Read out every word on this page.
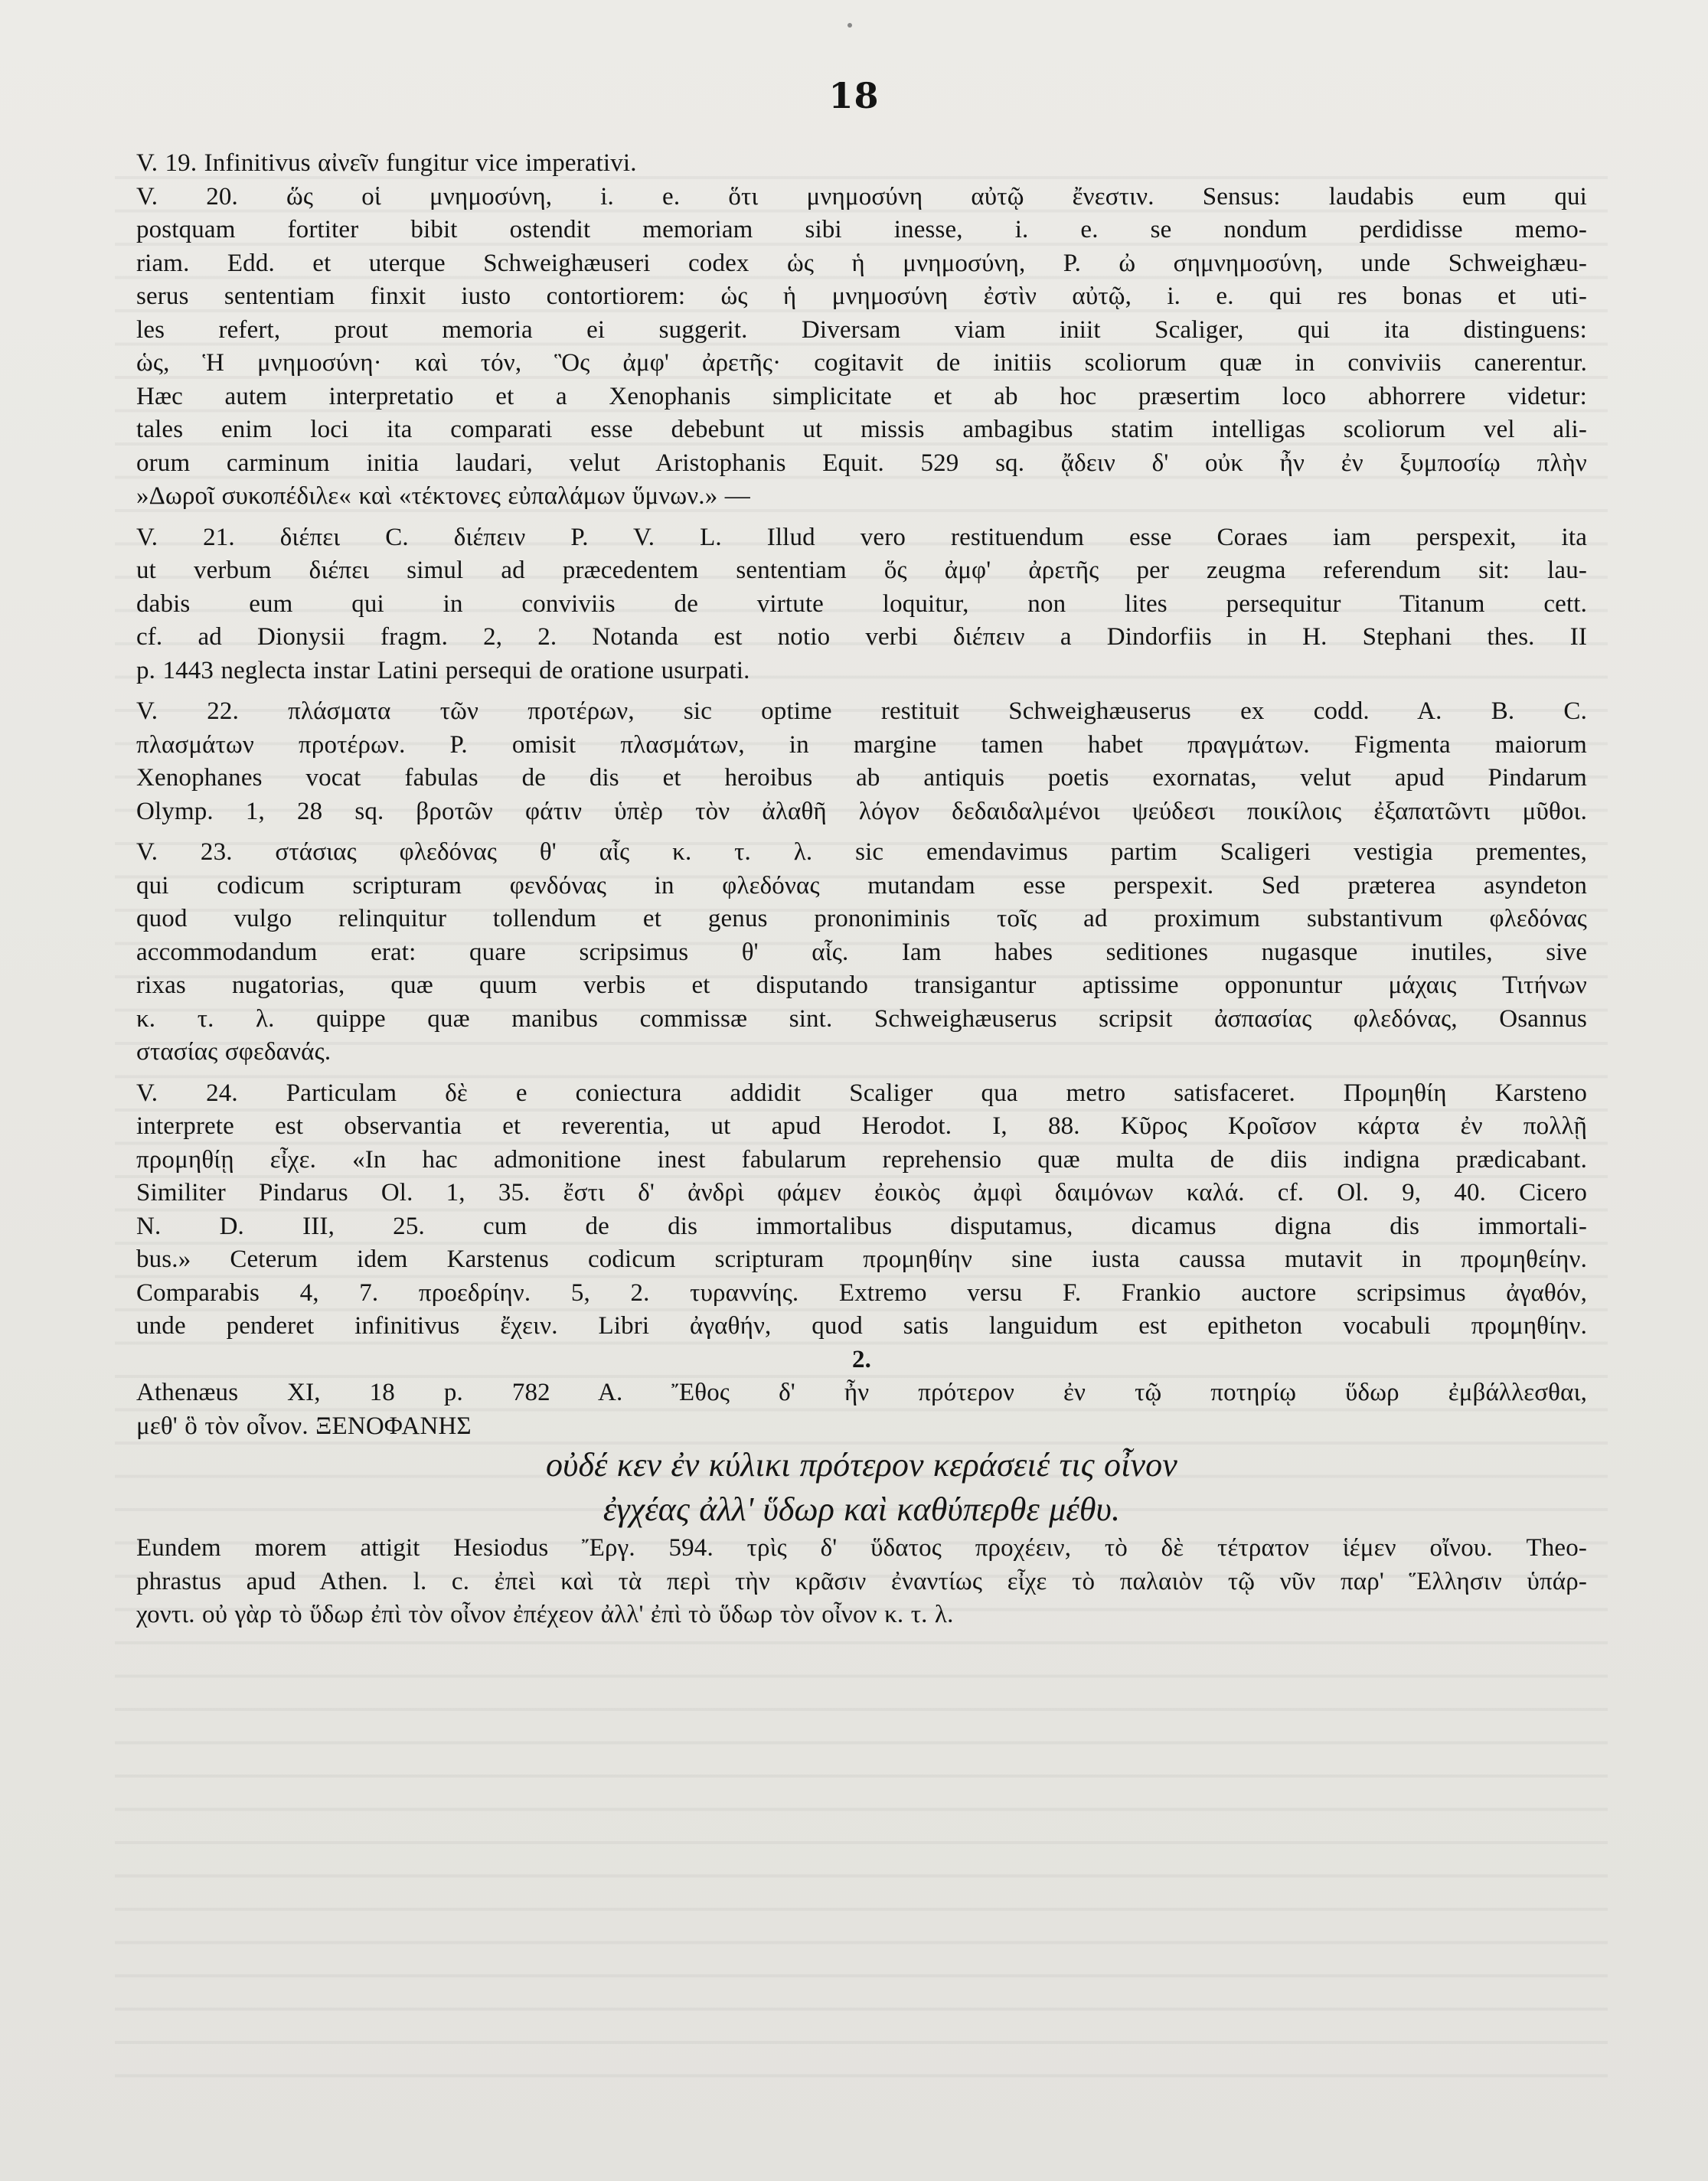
18
V. 19. Infinitivus αἰνεῖν fungitur vice imperativi.
V. 20. ὥς οἱ μνημοσύνη, i. e. ὅτι μνημοσύνη αὐτῷ ἔνεστιν. Sensus: laudabis eum qui
postquam fortiter bibit ostendit memoriam sibi inesse, i. e. se nondum perdidisse memo-
riam. Edd. et uterque Schweighæuseri codex ὡς ἡ μνημοσύνη, P. ὠ σημνημοσύνη, unde Schweighæu-
serus sententiam finxit iusto contortiorem: ὡς ἡ μνημοσύνη ἐστὶν αὐτῷ, i. e. qui res bonas et uti-
les refert, prout memoria ei suggerit. Diversam viam iniit Scaliger, qui ita distinguens:
ὡς, Ἡ μνημοσύνη· καὶ τόν, Ὃς ἀμφ' ἀρετῆς· cogitavit de initiis scoliorum quæ in conviviis canerentur.
Hæc autem interpretatio et a Xenophanis simplicitate et ab hoc præsertim loco abhorrere videtur:
tales enim loci ita comparati esse debebunt ut missis ambagibus statim intelligas scoliorum vel ali-
orum carminum initia laudari, velut Aristophanis Equit. 529 sq. ᾄδειν δ' οὐκ ἦν ἐν ξυμποσίῳ πλὴν
»Δωροῖ συκοπέδιλε« καὶ «τέκτονες εὐπαλάμων ὕμνων.» —
V. 21. διέπει C. διέπειν P. V. L. Illud vero restituendum esse Coraes iam perspexit, ita
ut verbum διέπει simul ad præcedentem sententiam ὅς ἀμφ' ἀρετῆς per zeugma referendum sit: lau-
dabis eum qui in conviviis de virtute loquitur, non lites persequitur Titanum cett.
cf. ad Dionysii fragm. 2, 2. Notanda est notio verbi διέπειν a Dindorfiis in H. Stephani thes. II
p. 1443 neglecta instar Latini persequi de oratione usurpati.
V. 22. πλάσματα τῶν προτέρων, sic optime restituit Schweighæuserus ex codd. A. B. C.
πλασμάτων προτέρων. P. omisit πλασμάτων, in margine tamen habet πραγμάτων. Figmenta maiorum
Xenophanes vocat fabulas de dis et heroibus ab antiquis poetis exornatas, velut apud Pindarum
Olymp. 1, 28 sq. βροτῶν φάτιν ὑπὲρ τὸν ἀλαθῆ λόγον δεδαιδαλμένοι ψεύδεσι ποικίλοις ἐξαπατῶντι μῦθοι.
V. 23. στάσιας φλεδόνας θ' αἷς κ. τ. λ. sic emendavimus partim Scaligeri vestigia prementes,
qui codicum scripturam φενδόνας in φλεδόνας mutandam esse perspexit. Sed præterea asyndeton
quod vulgo relinquitur tollendum et genus prononiminis τοῖς ad proximum substantivum φλεδόνας
accommodandum erat: quare scripsimus θ' αἷς. Iam habes seditiones nugasque inutiles, sive
rixas nugatorias, quæ quum verbis et disputando transigantur aptissime opponuntur μάχαις Τιτήνων
κ. τ. λ. quippe quæ manibus commissæ sint. Schweighæuserus scripsit ἀσπασίας φλεδόνας, Osannus
στασίας σφεδανάς.
V. 24. Particulam δὲ e coniectura addidit Scaliger qua metro satisfaceret. Προμηθίη Karsteno
interprete est observantia et reverentia, ut apud Herodot. I, 88. Κῦρος Κροῖσον κάρτα ἐν πολλῇ
προμηθίῃ εἶχε. «In hac admonitione inest fabularum reprehensio quæ multa de diis indigna prædicabant.
Similiter Pindarus Ol. 1, 35. ἔστι δ' ἀνδρὶ φάμεν ἐοικὸς ἀμφὶ δαιμόνων καλά. cf. Ol. 9, 40. Cicero
N. D. III, 25. cum de dis immortalibus disputamus, dicamus digna dis immortali-
bus.» Ceterum idem Karstenus codicum scripturam προμηθίην sine iusta caussa mutavit in προμηθείην.
Comparabis 4, 7. προεδρίην. 5, 2. τυραννίης. Extremo versu F. Frankio auctore scripsimus ἀγαθόν,
unde penderet infinitivus ἔχειν. Libri ἀγαθήν, quod satis languidum est epitheton vocabuli προμηθίην.
2.
Athenæus XI, 18 p. 782 A. Ἔθος δ' ἦν πρότερον ἐν τῷ ποτηρίῳ ὕδωρ ἐμβάλλεσθαι,
μεθ' ὃ τὸν οἶνον. ΞΕΝΟΦΑΝΗΣ
οὐδέ κεν ἐν κύλικι πρότερον κεράσειέ τις οἶνον
ἐγχέας ἀλλ' ὕδωρ καὶ καθύπερθε μέθυ.
Eundem morem attigit Hesiodus Ἔργ. 594. τρὶς δ' ὕδατος προχέειν, τὸ δὲ τέτρατον ἱέμεν οἴνου. Theo-
phrastus apud Athen. l. c. ἐπεὶ καὶ τὰ περὶ τὴν κρᾶσιν ἐναντίως εἶχε τὸ παλαιὸν τῷ νῦν παρ' Ἕλλησιν ὑπάρ-
χοντι. οὐ γὰρ τὸ ὕδωρ ἐπὶ τὸν οἶνον ἐπέχεον ἀλλ' ἐπὶ τὸ ὕδωρ τὸν οἶνον κ. τ. λ.
